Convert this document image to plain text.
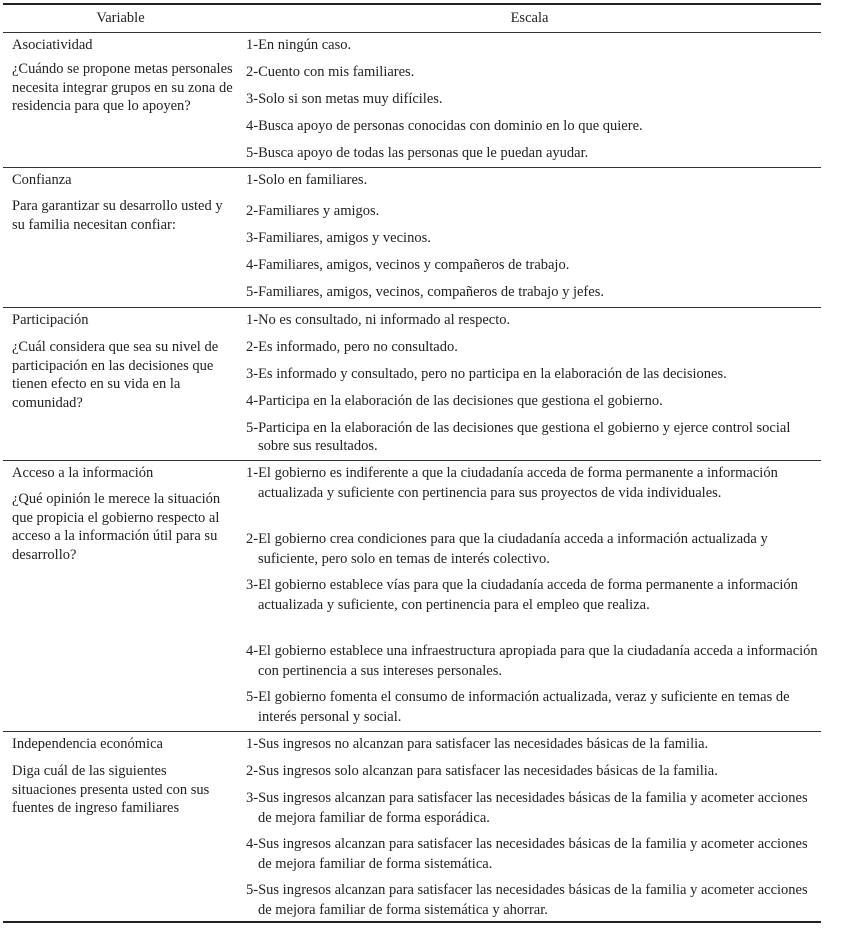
Variable	Escala
Asociatividad
¿Cuándo se propone metas personales necesita integrar grupos en su zona de residencia para que lo apoyen?
1-En ningún caso.
2-Cuento con mis familiares.
3-Solo si son metas muy difíciles.
4-Busca apoyo de personas conocidas con dominio en lo que quiere.
5-Busca apoyo de todas las personas que le puedan ayudar.
Confianza
Para garantizar su desarrollo usted y su familia necesitan confiar:
1-Solo en familiares.
2-Familiares y amigos.
3-Familiares, amigos y vecinos.
4-Familiares, amigos, vecinos y compañeros de trabajo.
5-Familiares, amigos, vecinos, compañeros de trabajo y jefes.
Participación
¿Cuál considera que sea su nivel de participación en las decisiones que tienen efecto en su vida en la comunidad?
1-No es consultado, ni informado al respecto.
2-Es informado, pero no consultado.
3-Es informado y consultado, pero no participa en la elaboración de las decisiones.
4-Participa en la elaboración de las decisiones que gestiona el gobierno.
5-Participa en la elaboración de las decisiones que gestiona el gobierno y ejerce control social sobre sus resultados.
Acceso a la información
¿Qué opinión le merece la situación que propicia el gobierno respecto al acceso a la información útil para su desarrollo?
1-El gobierno es indiferente a que la ciudadanía acceda de forma permanente a información actualizada y suficiente con pertinencia para sus proyectos de vida individuales.
2-El gobierno crea condiciones para que la ciudadanía acceda a información actualizada y suficiente, pero solo en temas de interés colectivo.
3-El gobierno establece vías para que la ciudadanía acceda de forma permanente a información actualizada y suficiente, con pertinencia para el empleo que realiza.
4-El gobierno establece una infraestructura apropiada para que la ciudadanía acceda a información con pertinencia a sus intereses personales.
5-El gobierno fomenta el consumo de información actualizada, veraz y suficiente en temas de interés personal y social.
Independencia económica
Diga cuál de las siguientes situaciones presenta usted con sus fuentes de ingreso familiares
1-Sus ingresos no alcanzan para satisfacer las necesidades básicas de la familia.
2-Sus ingresos solo alcanzan para satisfacer las necesidades básicas de la familia.
3-Sus ingresos alcanzan para satisfacer las necesidades básicas de la familia y acometer acciones de mejora familiar de forma esporádica.
4-Sus ingresos alcanzan para satisfacer las necesidades básicas de la familia y acometer acciones de mejora familiar de forma sistemática.
5-Sus ingresos alcanzan para satisfacer las necesidades básicas de la familia y acometer acciones de mejora familiar de forma sistemática y ahorrar.
